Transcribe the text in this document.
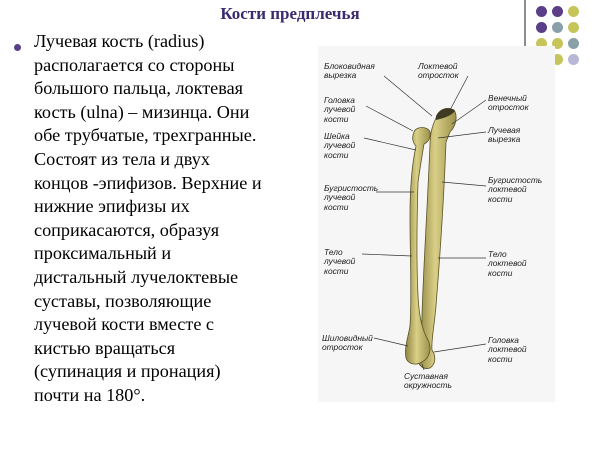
Кости предплечья

Лучевая кость (radius)
располагается со стороны
большого пальца, локтевая
кость (ulna) – мизинца. Они
обе трубчатые, трехгранные.
Состоят из тела и двух
концов -эпифизов. Верхние и
нижние эпифизы их
соприкасаются, образуя
проксимальный и
дистальный лучелоктевые
суставы, позволяющие
лучевой кости вместе с
кистью вращаться
(супинация и пронация)
почти на 180°.

Блоковидная
вырезка
Головка
лучевой
кости
Шейка
лучевой
кости
Бугристость
лучевой
кости
Тело
лучевой
кости
Шиловидный
отросток
Локтевой
отросток
Венечный
отросток
Лучевая
вырезка
Бугристость
локтевой
кости
Тело
локтевой
кости
Головка
локтевой
кости
Суставная
окружность
